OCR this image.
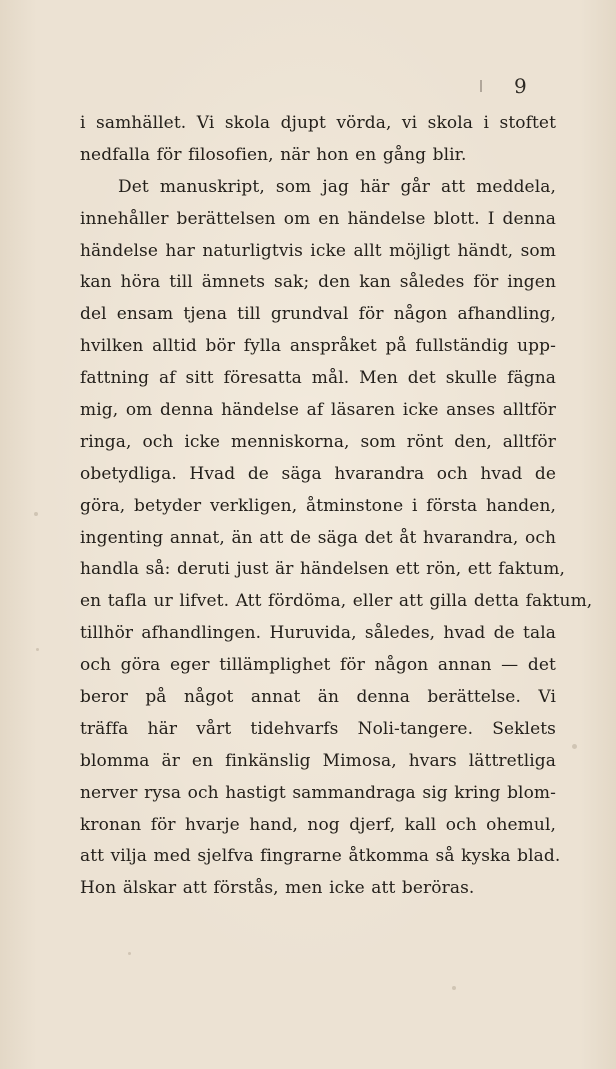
9

i samhället. Vi skola djupt vörda, vi skola i stoftet

nedfalla för filosofien, när hon en gång blir.

Det manuskript, som jag här går att meddela,

innehåller berättelsen om en händelse blott. I denna

händelse har naturligtvis icke allt möjligt händt, som

kan höra till ämnets sak; den kan således för ingen

del ensam tjena till grundval för någon afhandling,

hvilken alltid bör fylla anspråket på fullständig upp-

fattning af sitt föresatta mål. Men det skulle fägna

mig, om denna händelse af läsaren icke anses alltför

ringa, och icke menniskorna, som rönt den, alltför

obetydliga. Hvad de säga hvarandra och hvad de

göra, betyder verkligen, åtminstone i första handen,

ingenting annat, än att de säga det åt hvarandra, och

handla så: deruti just är händelsen ett rön, ett faktum,

en tafla ur lifvet. Att fördöma, eller att gilla detta faktum,

tillhör afhandlingen. Huruvida, således, hvad de tala

och göra eger tillämplighet för någon annan — det

beror på något annat än denna berättelse. Vi

träffa här vårt tidehvarfs Noli-tangere. Seklets

blomma är en finkänslig Mimosa, hvars lättretliga

nerver rysa och hastigt sammandraga sig kring blom-

kronan för hvarje hand, nog djerf, kall och ohemul,

att vilja med sjelfva fingrarne åtkomma så kyska blad.

Hon älskar att förstås, men icke att beröras.
